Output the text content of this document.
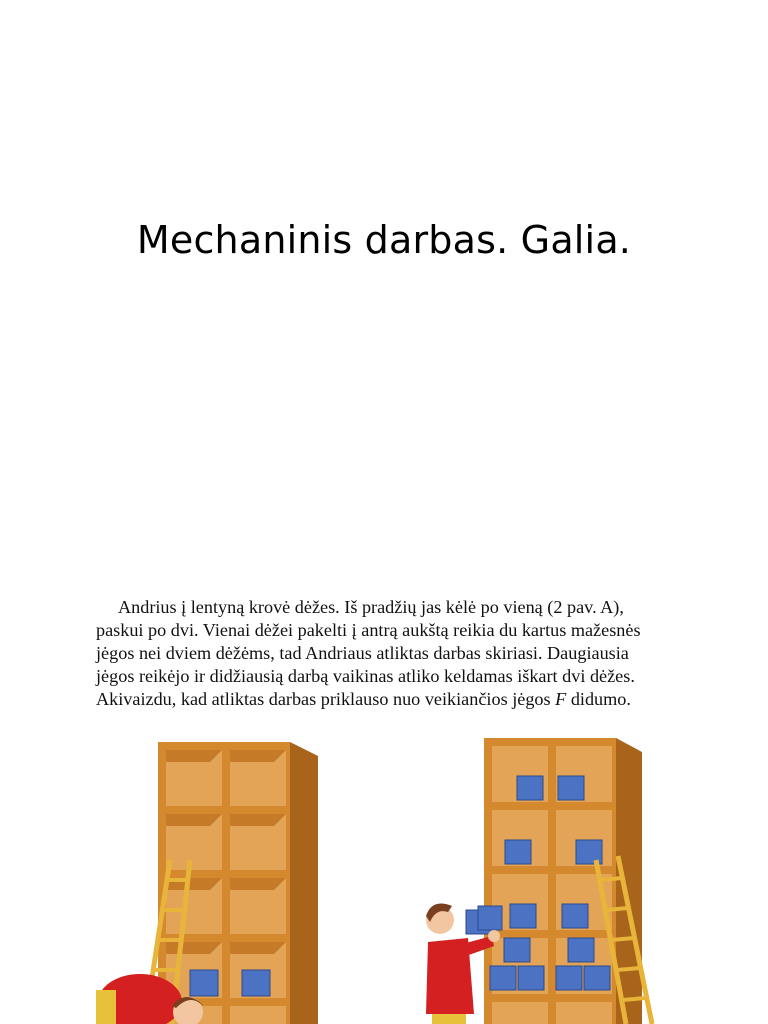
Mechaninis darbas. Galia.
Andrius į lentyną krovė dėžes. Iš pradžių jas kėlė po vieną (2 pav. A),
paskui po dvi. Vienai dėžei pakelti į antrą aukštą reikia du kartus mažesnės
jėgos nei dviem dėžėms, tad Andriaus atliktas darbas skiriasi. Daugiausia
jėgos reikėjo ir didžiausią darbą vaikinas atliko keldamas iškart dvi dėžes.
Akivaizdu, kad atliktas darbas priklauso nuo veikiančios jėgos F didumo.
